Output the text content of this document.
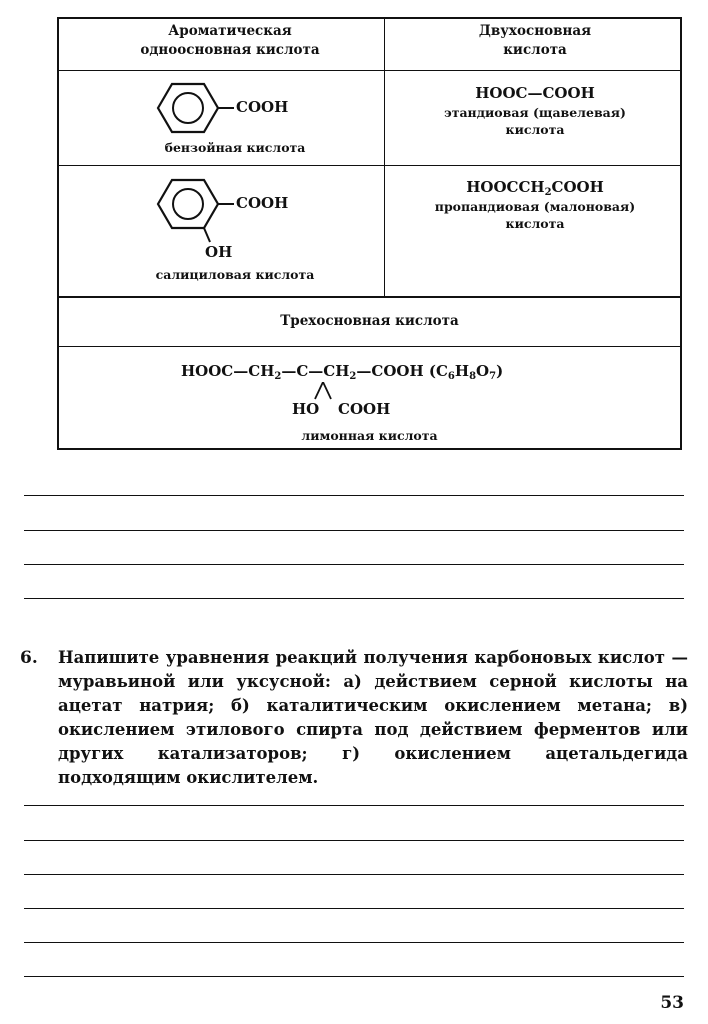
Ароматическая
одноосновная кислота
Двухосновная
кислота
COOH
бензойная кислота
HOOC—COOH
этандиовая (щавелевая)
кислота
COOH
OH
салициловая кислота
$HOOCCH_2COOH$
пропандиовая (малоновая)
кислота
Трехосновная кислота
$HOOC—CH_2—C—CH_2—COOH$ $(C_6H_8O_7)$
HO COOH
лимонная кислота
6. Напишите уравнения реакций получения карбоновых кислот — муравьиной или уксусной: а) действием серной кислоты на ацетат натрия; б) каталитическим окислением метана; в) окислением этилового спирта под действием ферментов или других катализаторов; г) окислением ацетальдегида подходящим окислителем.
53
